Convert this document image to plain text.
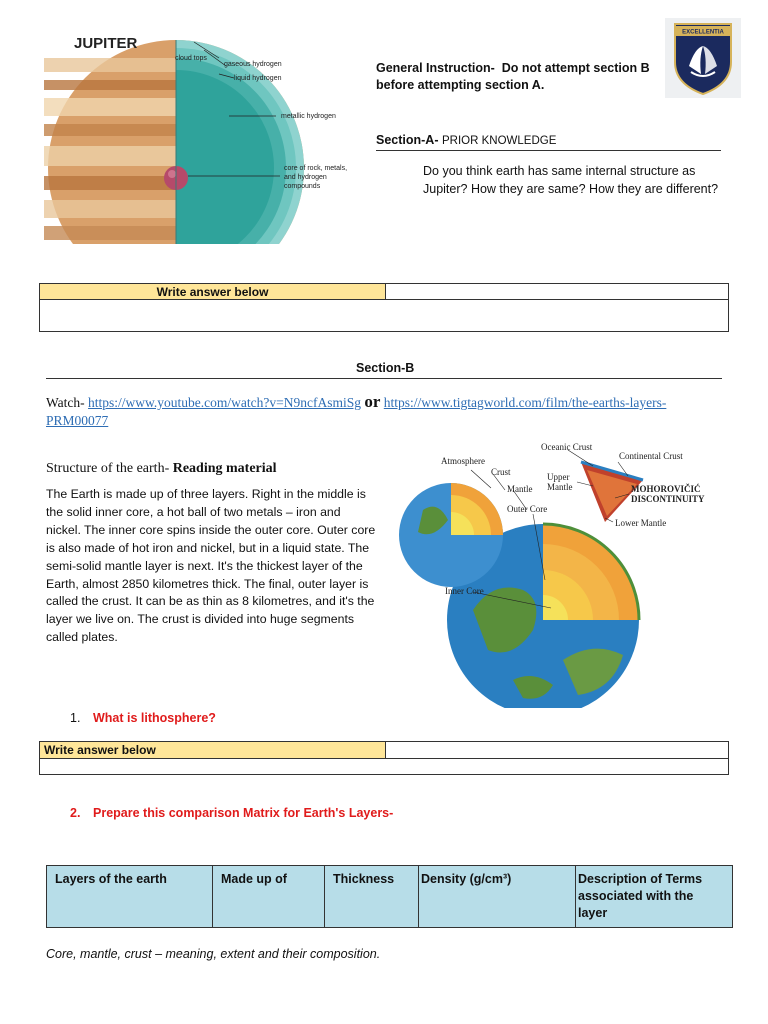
JUPITER
cloud tops
gaseous hydrogen
liquid hydrogen
metallic hydrogen
core of rock, metals,
and hydrogen
compounds
EXCELLENTIA
General Instruction- Do not attempt section B before attempting section A.
Section-A- PRIOR KNOWLEDGE
Do you think earth has same internal structure as Jupiter? How they are same? How they are different?
Write answer below	

Section-B
Watch- https://www.youtube.com/watch?v=N9ncfAsmiSg or https://www.tigtagworld.com/film/the-earths-layers-PRM00077
Structure of the earth- Reading material
The Earth is made up of three layers. Right in the middle is the solid inner core, a hot ball of two metals – iron and nickel. The inner core spins inside the outer core. Outer core is also made of hot iron and nickel, but in a liquid state. The semi-solid mantle layer is next. It's the thickest layer of the Earth, almost 2850 kilometres thick. The final, outer layer is called the crust. It can be as thin as 8 kilometres, and it's the layer we live on. The crust is divided into huge segments called plates.
Oceanic Crust
Continental Crust
Atmosphere
Crust	Upper
Mantle	MOHOROVIČIĆ
DISCONTINUITY
Mantle
Outer Core
Lower Mantle
Inner Core
1. What is lithosphere?
Write answer below	

2. Prepare this comparison Matrix for Earth's Layers-
Layers of the earth	Made up of	Thickness	Density (g/cm³)	Description of Terms associated with the layer
Core, mantle, crust – meaning, extent and their composition.
